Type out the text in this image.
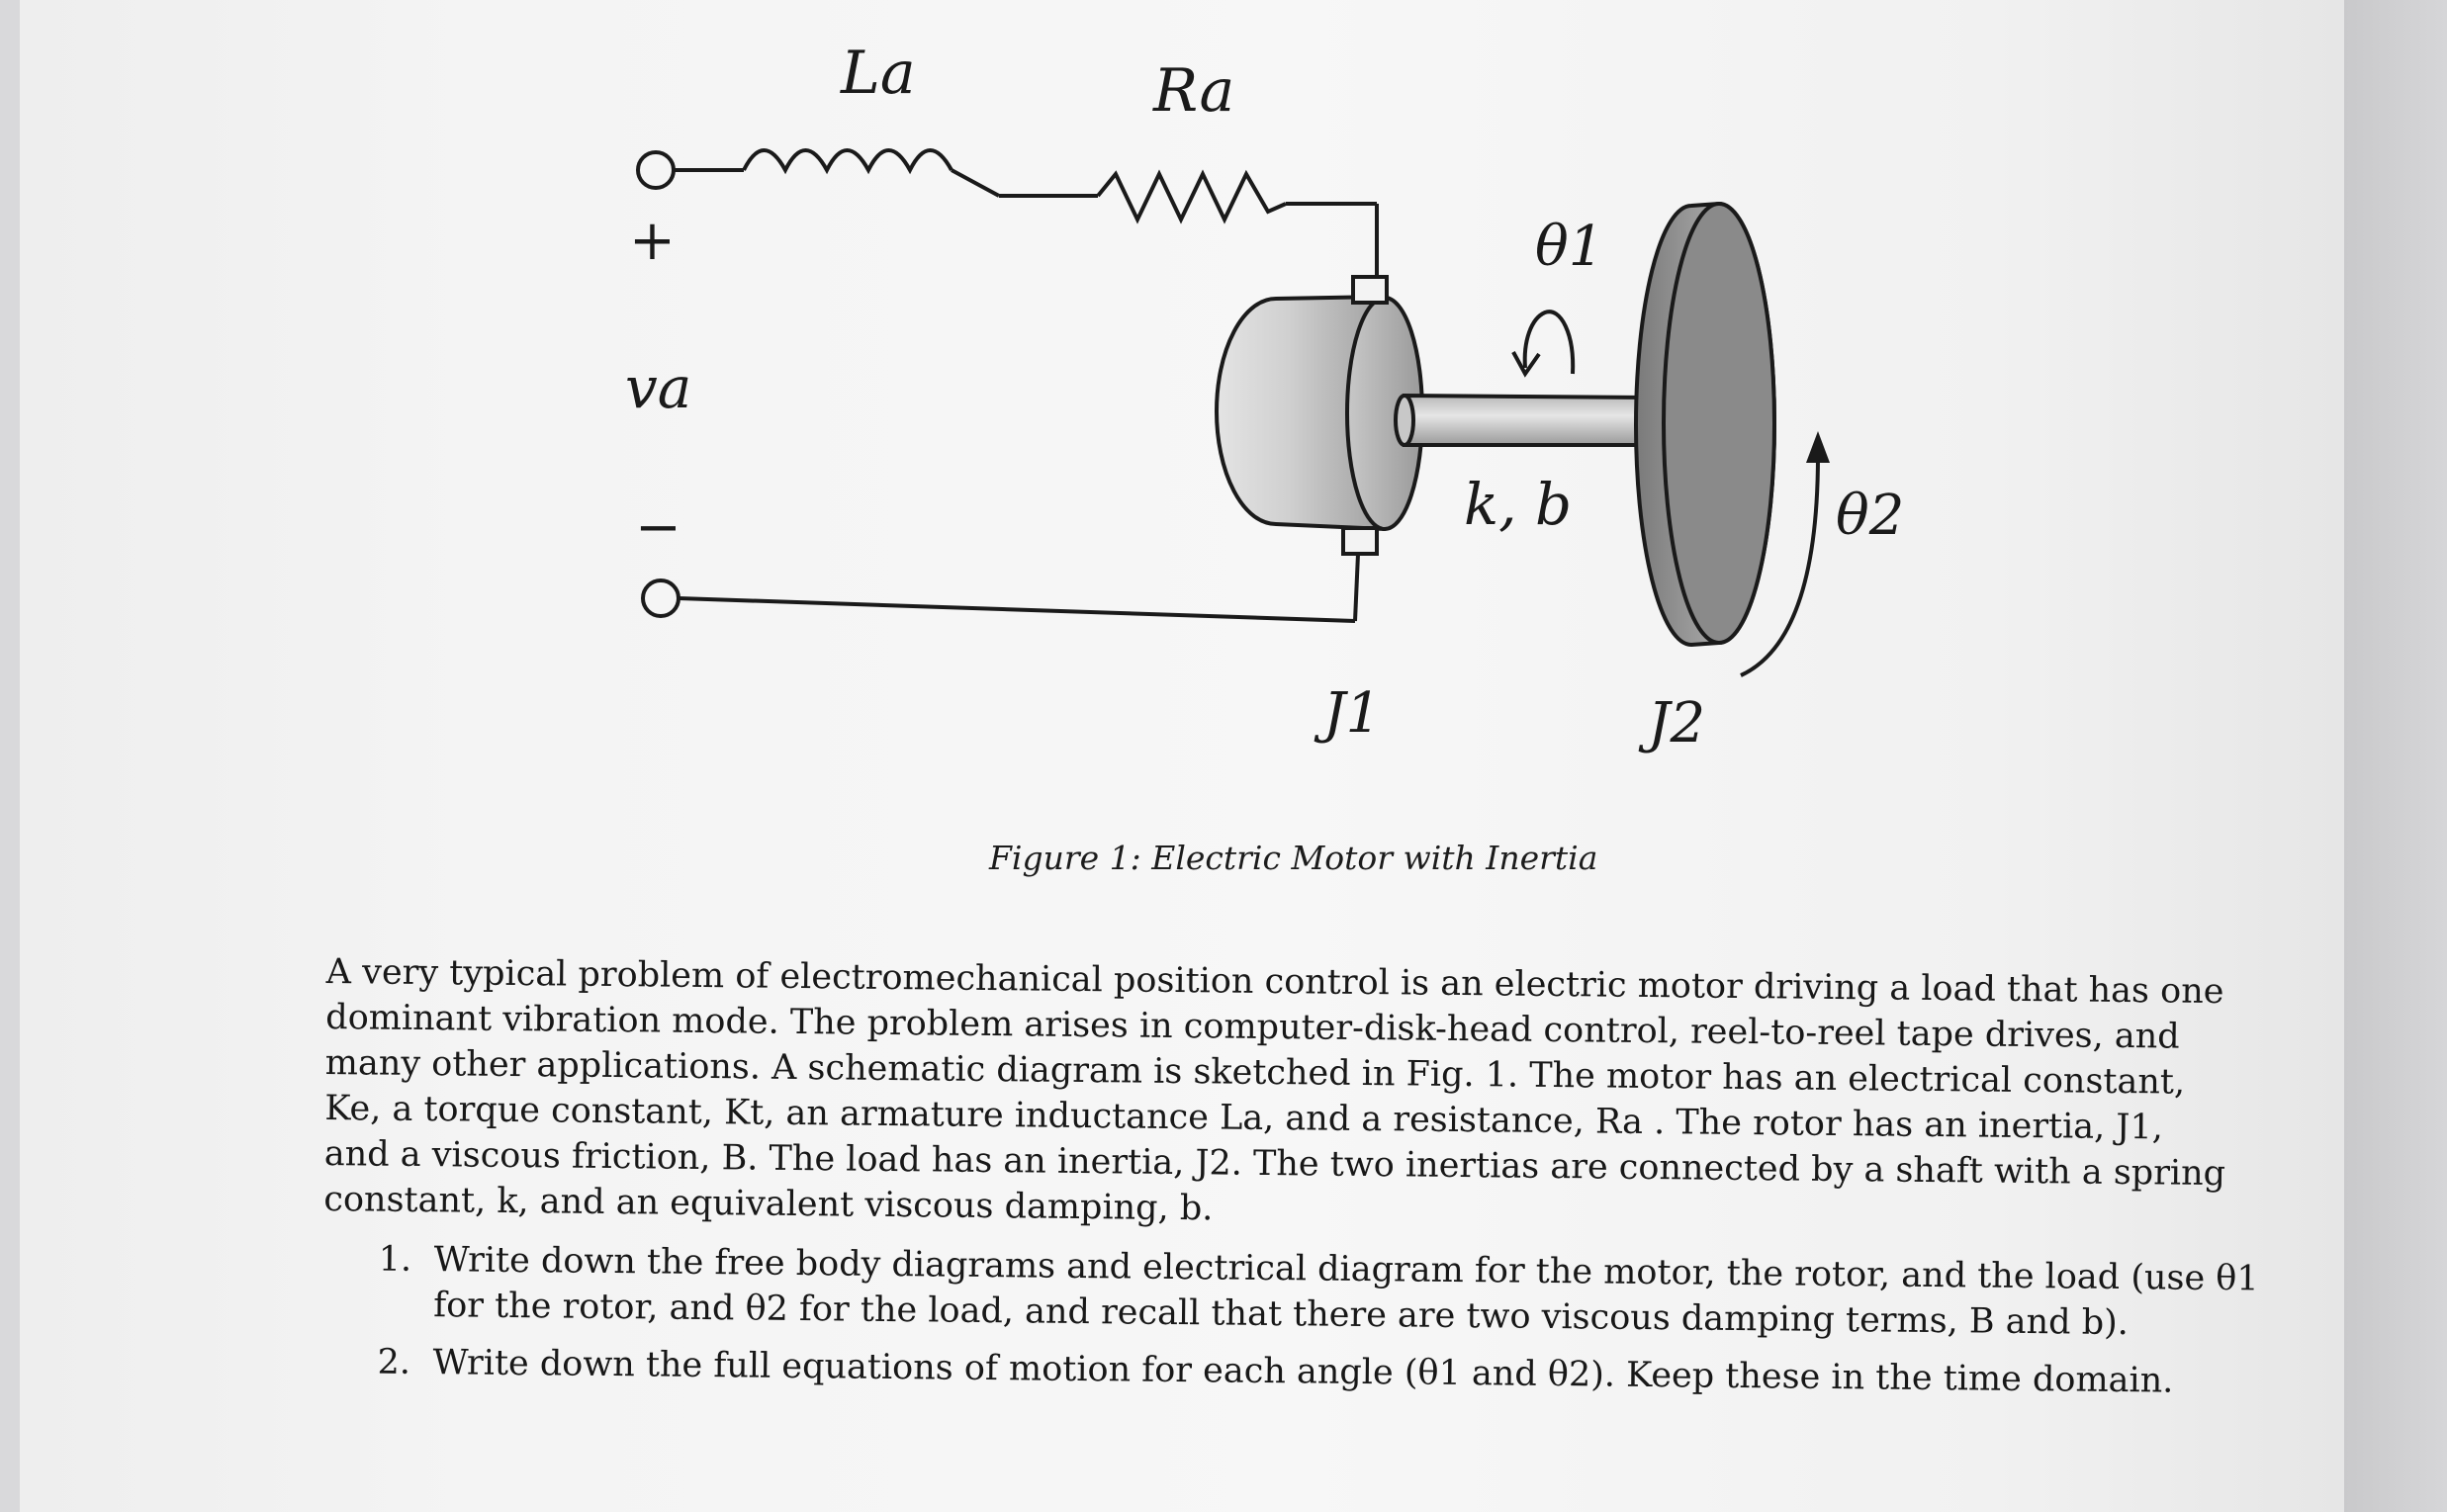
La	Ra
+
va
−
θ1
k, b	θ2
J1	J2
Figure 1: Electric Motor with Inertia

A very typical problem of electromechanical position control is an electric motor driving a load that has one

dominant vibration mode. The problem arises in computer-disk-head control, reel-to-reel tape drives, and

many other applications. A schematic diagram is sketched in Fig. 1. The motor has an electrical constant,

Ke, a torque constant, Kt, an armature inductance La, and a resistance, Ra . The rotor has an inertia, J1,

and a viscous friction, B. The load has an inertia, J2. The two inertias are connected by a shaft with a spring

constant, k, and an equivalent viscous damping, b.

1. Write down the free body diagrams and electrical diagram for the motor, the rotor, and the load (use θ1

for the rotor, and θ2 for the load, and recall that there are two viscous damping terms, B and b).

2. Write down the full equations of motion for each angle (θ1 and θ2). Keep these in the time domain.
